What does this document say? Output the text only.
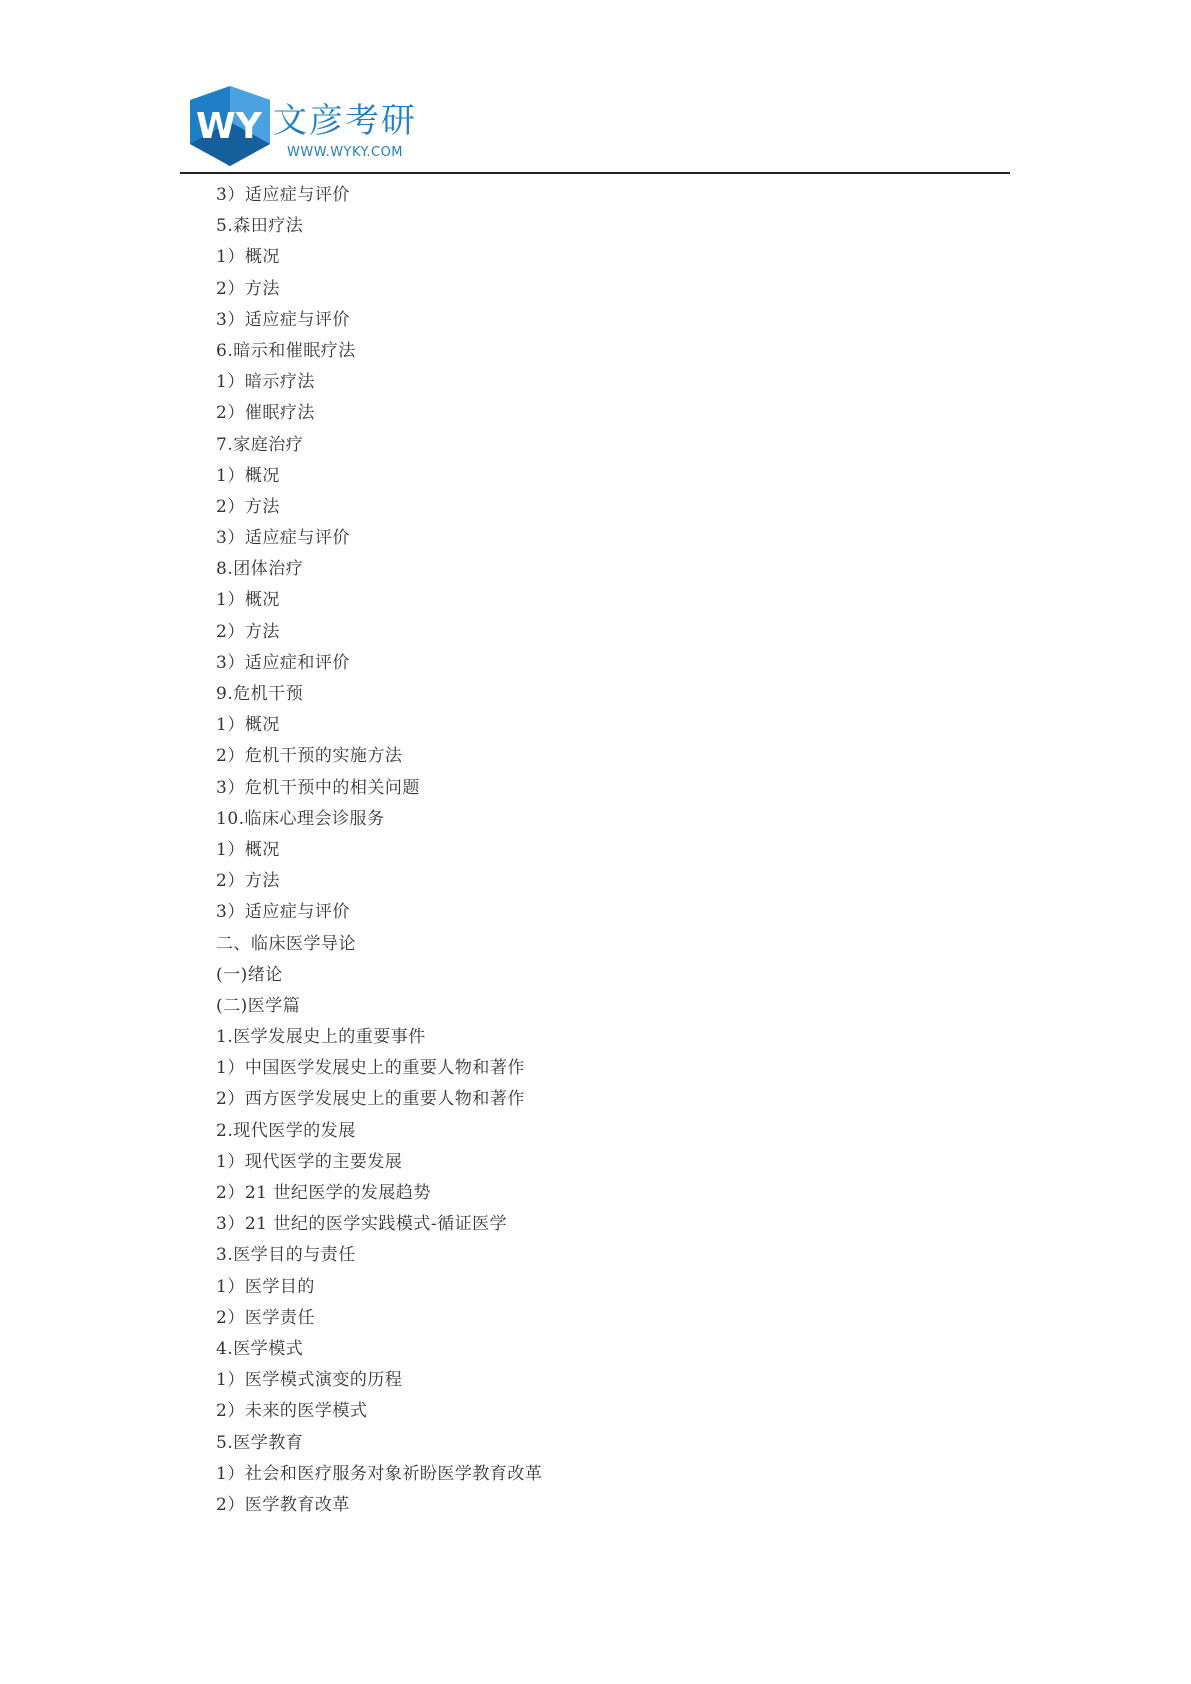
WY 文彦考研
WWW.WYKY.COM
3）适应症与评价
5.森田疗法
1）概况
2）方法
3）适应症与评价
6.暗示和催眠疗法
1）暗示疗法
2）催眠疗法
7.家庭治疗
1）概况
2）方法
3）适应症与评价
8.团体治疗
1）概况
2）方法
3）适应症和评价
9.危机干预
1）概况
2）危机干预的实施方法
3）危机干预中的相关问题
10.临床心理会诊服务
1）概况
2）方法
3）适应症与评价
二、临床医学导论
(一)绪论
(二)医学篇
1.医学发展史上的重要事件
1）中国医学发展史上的重要人物和著作
2）西方医学发展史上的重要人物和著作
2.现代医学的发展
1）现代医学的主要发展
2）21 世纪医学的发展趋势
3）21 世纪的医学实践模式-循证医学
3.医学目的与责任
1）医学目的
2）医学责任
4.医学模式
1）医学模式演变的历程
2）未来的医学模式
5.医学教育
1）社会和医疗服务对象祈盼医学教育改革
2）医学教育改革
